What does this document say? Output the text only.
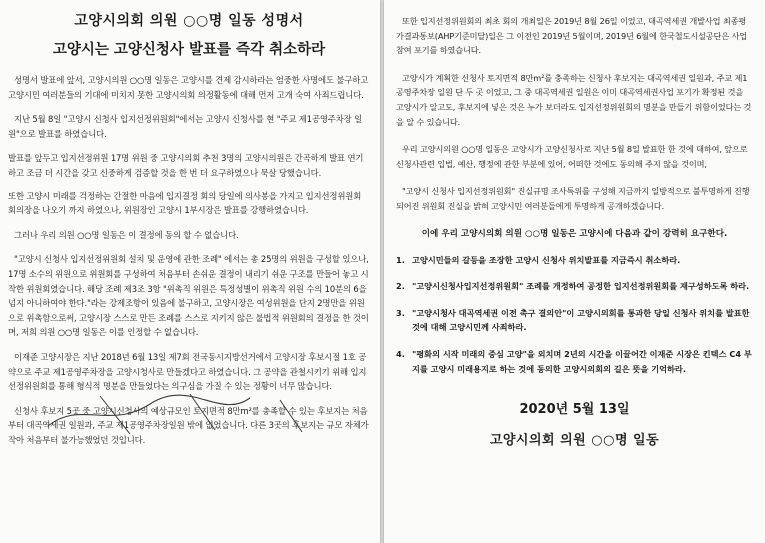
고양시의회 의원 ○○명 일동 성명서
고양시는 고양신청사 발표를 즉각 취소하라

성명서 발표에 앞서, 고양시의원 ○○명 일동은 고양시를 견제 감시하라는 엄중한 사명에도 불구하고 고양시민 여러분들의 기대에 미치지 못한 고양시의회 의정활동에 대해 먼저 고개 숙여 사죄드립니다.

지난 5월 8일 "고양시 신청사 입지선정위원회"에서는 고양시 신청사를 현 "주교 제1공영주차장 일원"으로 발표를 하였습니다.

발표를 앞두고 입지선정위원 17명 위원 중 고양시의회 추천 3명의 고양시의원은 간곡하게 발표 연기하고 조금 더 시간을 갖고 신중하게 검증할 것을 한 번 더 요구하였으나 묵살 당했습니다.

또한 고양시 미래를 걱정하는 간절한 마음에 입지결정 회의 당일에 의사봉을 가지고 입지선정위원회 회의장을 나오기 까지 하였으나, 위원장인 고양시 1부시장은 발표를 강행하였습니다.

그러나 우리 의원 ○○명 일동은 이 결정에 동의 할 수 없습니다.

"고양시 신청사 입지선정위원회 설치 및 운영에 관한 조례" 에서는 총 25명의 위원을 구성할 있으나, 17명 소수의 위원으로 위원회를 구성하여 처음부터 손쉬운 결정이 내리기 쉬운 구조를 만들어 놓고 시작한 위원회였습니다. 해당 조례 제3조 3항 "위촉직 위원은 특정성별이 위촉직 위원 수의 10분의 6을 넘지 아니하여야 한다."라는 강제조항이 있음에 불구하고, 고양시장은 여성위원을 단지 2명만을 위원으로 위촉함으로써, 고양시장 스스로 만든 조례를 스스로 지키지 않은 불법적 위원회의 결정을 한 것이며, 저희 의원 ○○명 일동은 이를 인정할 수 없습니다.

이재준 고양시장은 지난 2018년 6월 13일 제7회 전국동시지방선거에서 고양시장 후보시절 1호 공약으로 주교 제1공영주차장을 고양시청사로 만들겠다고 하였습니다. 그 공약을 관철시키기 위해 입지선정위원회를 통해 형식적 명분을 만들었다는 의구심을 가질 수 있는 정황이 너무 많습니다.

신청사 후보지 5곳 중 고양시신청사의 예상규모인 토지면적 8만m²를 충족할 수 있는 후보지는 처음부터 대곡역세권 일원과, 주교 제1공영주차장일원 밖에 없었습니다. 다른 3곳의 후보지는 규모 자체가 작아 처음부터 불가능했었던 것입니다.

또한 입지선정위원회의 최초 회의 개최일은 2019년 8월 26일 이었고, 대곡역세권 개발사업 최종평가결과통보(AHP기준미달)일은 그 이전인 2019년 5월이며, 2019년 6월에 한국철도시설공단은 사업참여 포기를 하였습니다.

고양시가 계획한 신청사 토지면적 8만m²를 충족하는 신청사 후보지는 대곡역세권 일원과, 주교 제1공영주차장 일원 단 두 곳 이었고, 그 중 대곡역세권 일원은 이미 대곡역세권사업 포기가 확정된 것을 고양시가 알고도, 후보지에 넣은 것은 누가 보더라도 입지선정위원회의 명분을 만들기 위함이었다는 것을 알 수 있습니다.

우리 고양시의원 ○○명 일동은 고양시가 고양신청사로 지난 5월 8일 발표한 한 것에 대하여, 앞으로 신청사관련 입법, 예산, 행정에 관한 부분에 있어, 어떠한 것에도 동의해 주지 않을 것이며,

"고양시 신청사 입지선정위원회" 진실규명 조사특위를 구성해 지금까지 일방적으로 불투명하게 진행되어진 위원회 진실을 밝혀 고양시민 여러분들에게 투명하게 공개하겠습니다.

이에 우리 고양시의회 의원 ○○명 일동은 고양시에 다음과 같이 강력히 요구한다.
1. 고양시민들의 갈등을 조장한 고양시 신청사 위치발표를 지금즉시 취소하라.
2. "고양시신청사입지선정위원회" 조례를 개정하여 공정한 입지선정위원회를 재구성하도록 하라.
3. "고양시청사 대곡역세권 이전 촉구 결의안"이 고양시의회를 통과한 당일 신청사 위치를 발표한 것에 대해 고양시민께 사죄하라.
4. "평화의 시작 미래의 중심 고양"을 외치며 2년의 시간을 이끌어간 이재준 시장은 킨텍스 C4 부지를 고양시 미래용지로 하는 것에 동의한 고양시의회의 길은 뜻을 기억하라.
2020년 5월 13일
고양시의회 의원 ○○명 일동
